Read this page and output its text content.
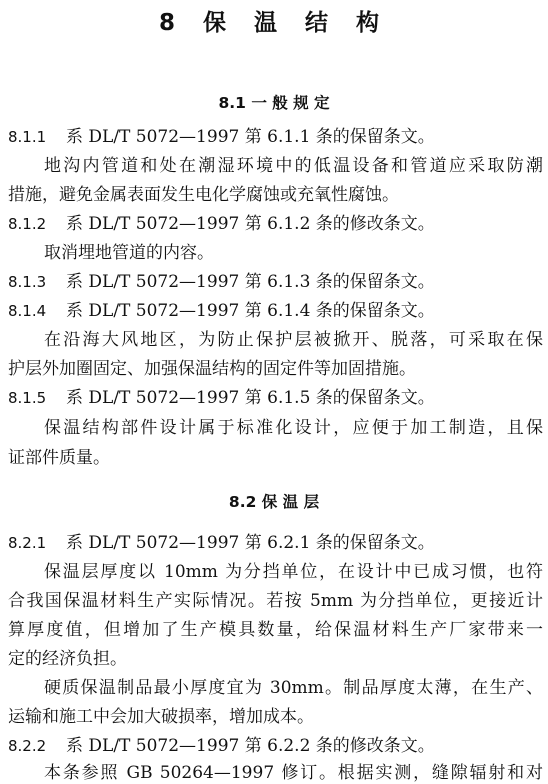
8 保 温 结 构
8.1 一 般 规 定
8.1.1 系 DL/T 5072—1997 第 6.1.1 条的保留条文。
地沟内管道和处在潮湿环境中的低温设备和管道应采取防潮
措施，避免金属表面发生电化学腐蚀或充氧性腐蚀。
8.1.2 系 DL/T 5072—1997 第 6.1.2 条的修改条文。
取消埋地管道的内容。
8.1.3 系 DL/T 5072—1997 第 6.1.3 条的保留条文。
8.1.4 系 DL/T 5072—1997 第 6.1.4 条的保留条文。
在沿海大风地区，为防止保护层被掀开、脱落，可采取在保
护层外加圈固定、加强保温结构的固定件等加固措施。
8.1.5 系 DL/T 5072—1997 第 6.1.5 条的保留条文。
保温结构部件设计属于标准化设计，应便于加工制造，且保
证部件质量。
8.2 保 温 层
8.2.1 系 DL/T 5072—1997 第 6.2.1 条的保留条文。
保温层厚度以 10mm 为分挡单位，在设计中已成习惯，也符
合我国保温材料生产实际情况。若按 5mm 为分挡单位，更接近计
算厚度值，但增加了生产模具数量，给保温材料生产厂家带来一
定的经济负担。
硬质保温制品最小厚度宜为 30mm。制品厚度太薄，在生产、
运输和施工中会加大破损率，增加成本。
8.2.2 系 DL/T 5072—1997 第 6.2.2 条的修改条文。
本条参照 GB 50264—1997 修订。根据实测，缝隙辐射和对
